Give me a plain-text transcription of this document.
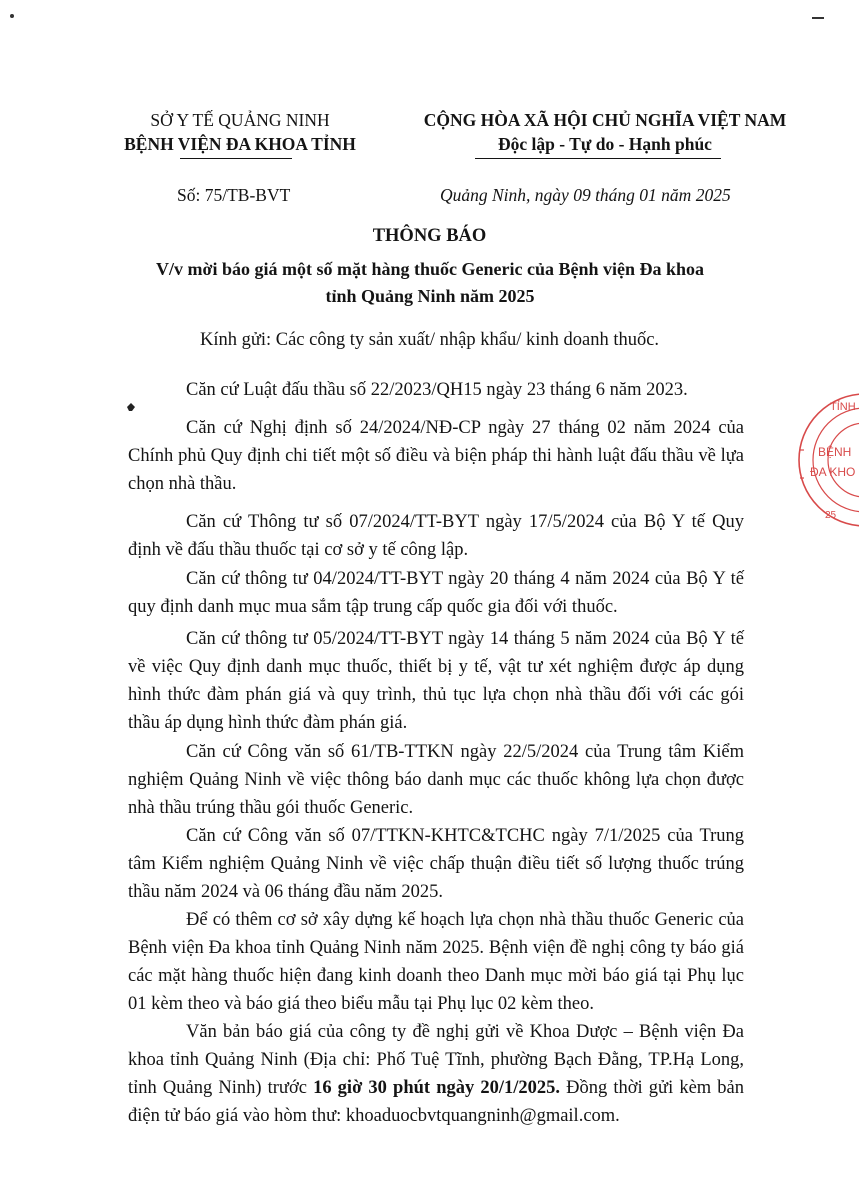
SỞ Y TẾ QUẢNG NINH
BỆNH VIỆN ĐA KHOA TỈNH
CỘNG HÒA XÃ HỘI CHỦ NGHĨA VIỆT NAM
Độc lập - Tự do - Hạnh phúc
Số: 75/TB-BVT	Quảng Ninh, ngày 09 tháng 01 năm 2025
THÔNG BÁO
V/v mời báo giá một số mặt hàng thuốc Generic của Bệnh viện Đa khoa
tỉnh Quảng Ninh năm 2025
Kính gửi: Các công ty sản xuất/ nhập khẩu/ kinh doanh thuốc.

Căn cứ Luật đấu thầu số 22/2023/QH15 ngày 23 tháng 6 năm 2023.

Căn cứ Nghị định số 24/2024/NĐ-CP ngày 27 tháng 02 năm 2024 của Chính phủ Quy định chi tiết một số điều và biện pháp thi hành luật đấu thầu về lựa chọn nhà thầu.

Căn cứ Thông tư số 07/2024/TT-BYT ngày 17/5/2024 của Bộ Y tế Quy định về đấu thầu thuốc tại cơ sở y tế công lập.

Căn cứ thông tư 04/2024/TT-BYT ngày 20 tháng 4 năm 2024 của Bộ Y tế quy định danh mục mua sắm tập trung cấp quốc gia đối với thuốc.

Căn cứ thông tư 05/2024/TT-BYT ngày 14 tháng 5 năm 2024 của Bộ Y tế về việc Quy định danh mục thuốc, thiết bị y tế, vật tư xét nghiệm được áp dụng hình thức đàm phán giá và quy trình, thủ tục lựa chọn nhà thầu đối với các gói thầu áp dụng hình thức đàm phán giá.

Căn cứ Công văn số 61/TB-TTKN ngày 22/5/2024 của Trung tâm Kiểm nghiệm Quảng Ninh về việc thông báo danh mục các thuốc không lựa chọn được nhà thầu trúng thầu gói thuốc Generic.

Căn cứ Công văn số 07/TTKN-KHTC&TCHC ngày 7/1/2025 của Trung tâm Kiểm nghiệm Quảng Ninh về việc chấp thuận điều tiết số lượng thuốc trúng thầu năm 2024 và 06 tháng đầu năm 2025.

Để có thêm cơ sở xây dựng kế hoạch lựa chọn nhà thầu thuốc Generic của Bệnh viện Đa khoa tỉnh Quảng Ninh năm 2025. Bệnh viện đề nghị công ty báo giá các mặt hàng thuốc hiện đang kinh doanh theo Danh mục mời báo giá tại Phụ lục 01 kèm theo và báo giá theo biểu mẫu tại Phụ lục 02 kèm theo.

Văn bản báo giá của công ty đề nghị gửi về Khoa Dược – Bệnh viện Đa khoa tỉnh Quảng Ninh (Địa chỉ: Phố Tuệ Tĩnh, phường Bạch Đằng, TP.Hạ Long, tỉnh Quảng Ninh) trước 16 giờ 30 phút ngày 20/1/2025. Đồng thời gửi kèm bản điện tử báo giá vào hòm thư: khoaduocbvtquangninh@gmail.com.

TỈNH
BỆNH
ĐA KHO
25
